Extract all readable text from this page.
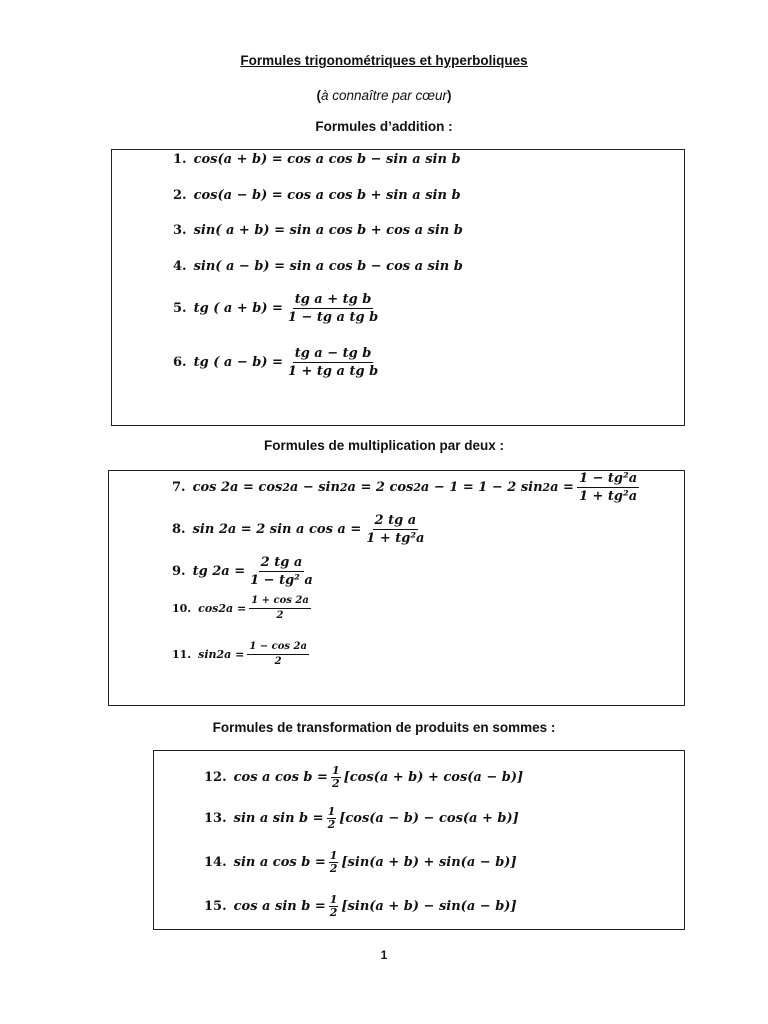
Formules trigonométriques et hyperboliques
(à connaître par cœur)
Formules d’addition :
1. cos(a + b) = cos a cos b − sin a sin b
2. cos(a − b) = cos a cos b + sin a sin b
3. sin( a + b) = sin a cos b + cos a sin b
4. sin( a − b) = sin a cos b − cos a sin b
5. tg ( $a + b) = \frac{\text{tg a + tg b}}{\text{1 − tg a tg b}}$
6. tg ( $a - b) = \frac{\text{tg a − tg b}}{\text{1 + tg a tg b}}$
Formules de multiplication par deux :
7. cos 2a = cos 2 a − sin 2 a = 2 cos 2 a − 1 = 1 − 2 sin 2 $a = \frac{\text{1 − tg²a}}{\text{1 + tg²a}}$
8. sin 2a = 2 sin a $\cos a = \frac{\text{2 tg a}}{\text{1 + tg²a}}$
9. tg $2a = \frac{\text{2 tg a}}{\text{1 − tg² a}}$
10. cos 2 $a = \frac{1 + \cos 2a}{2}$
11. sin 2 $a = \frac{1 - \cos 2a}{2}$
Formules de transformation de produits en sommes :
12. cos a $\cos b = \frac{1}{2} [\cos(a + b) + \cos(a - b)]$
13. sin a $\sin b = \frac{1}{2} [\cos(a - b) - \cos(a + b)]$
14. sin a $\cos b = \frac{1}{2} [\sin(a + b) + \sin(a - b)]$
15. cos a $\sin b = \frac{1}{2} [\sin(a + b) - \sin(a - b)]$
1
